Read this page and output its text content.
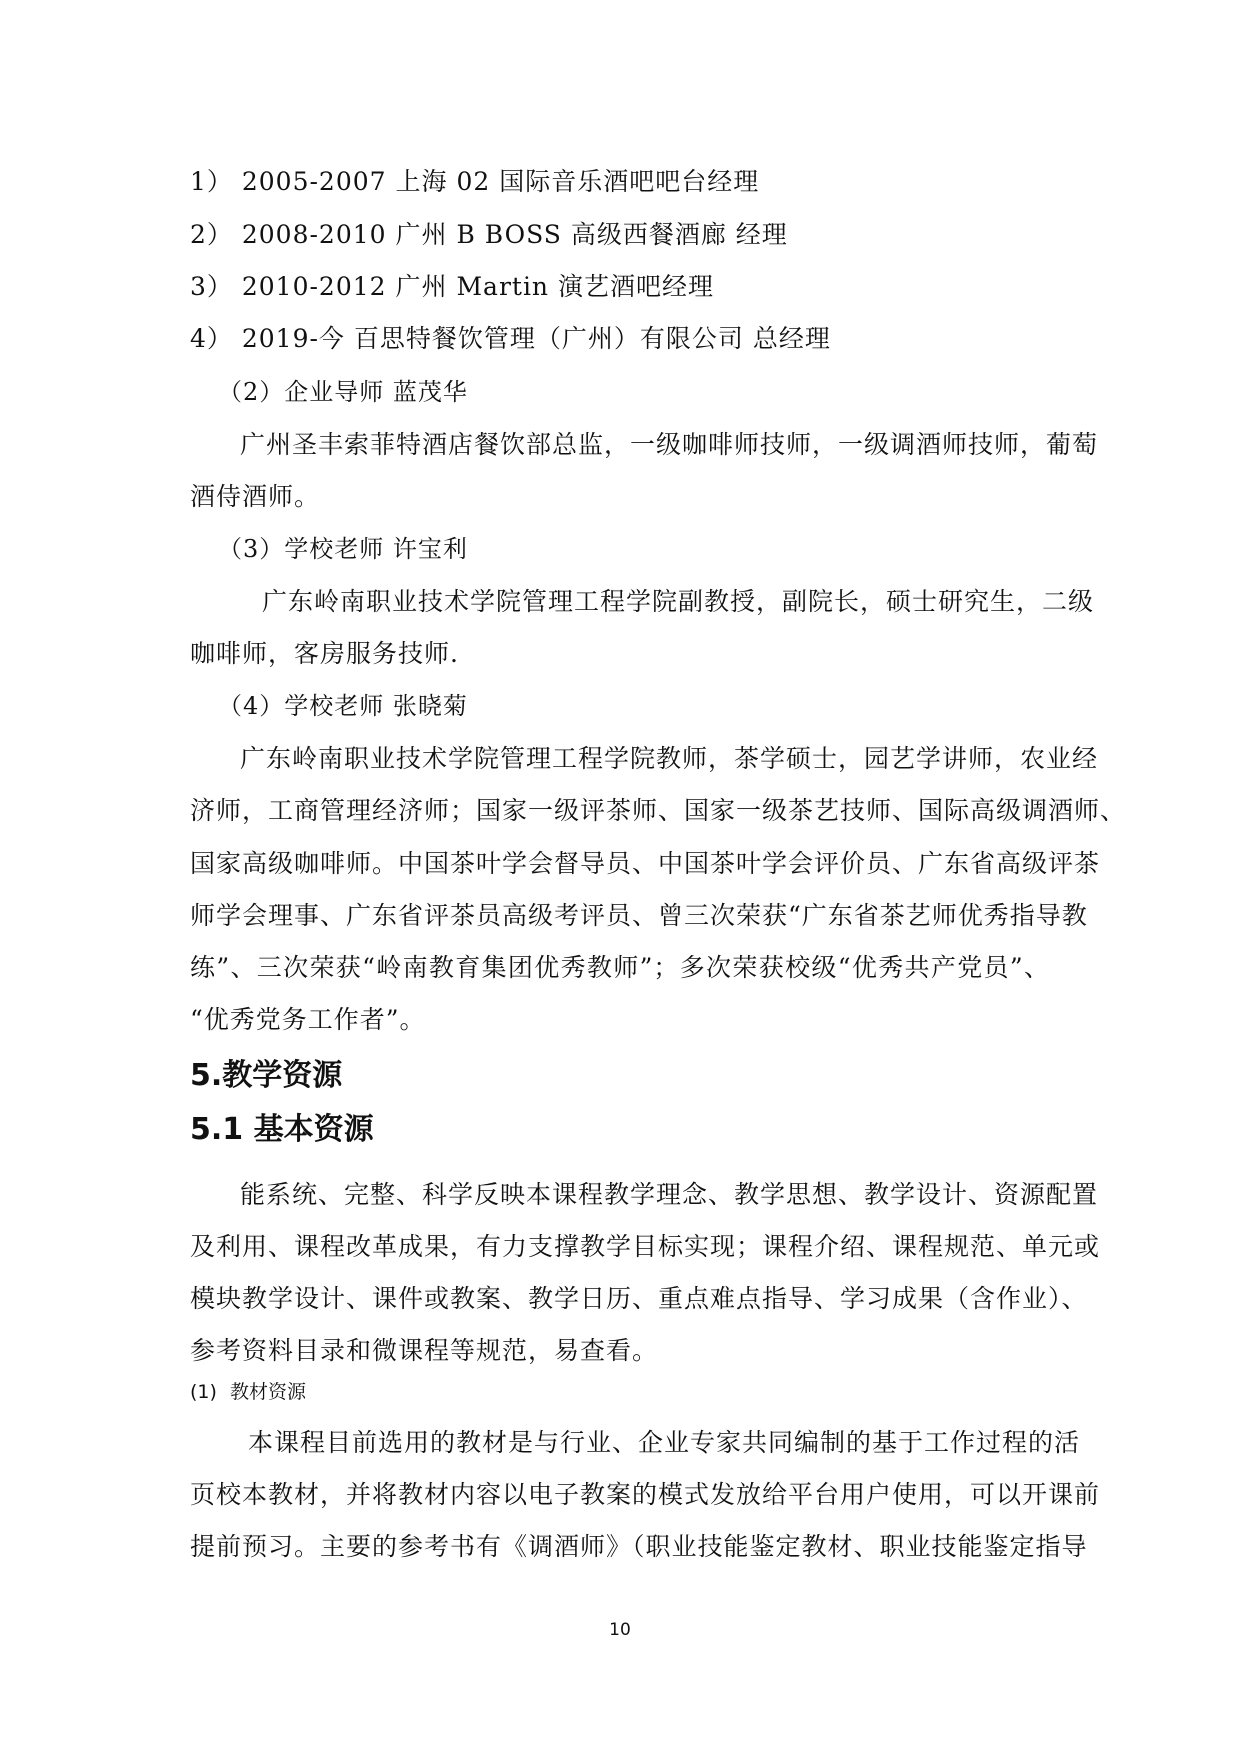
1） 2005-2007 上海 02 国际音乐酒吧吧台经理
2） 2008-2010 广州 B BOSS 高级西餐酒廊 经理
3） 2010-2012 广州 Martin 演艺酒吧经理
4） 2019-今 百思特餐饮管理（广州）有限公司 总经理
（2）企业导师 蓝茂华
广州圣丰索菲特酒店餐饮部总监，一级咖啡师技师，一级调酒师技师，葡萄
酒侍酒师。
（3）学校老师 许宝利
广东岭南职业技术学院管理工程学院副教授，副院长，硕士研究生，二级
咖啡师，客房服务技师.
（4）学校老师 张晓菊
广东岭南职业技术学院管理工程学院教师，茶学硕士，园艺学讲师，农业经
济师，工商管理经济师；国家一级评茶师、国家一级茶艺技师、国际高级调酒师、
国家高级咖啡师。中国茶叶学会督导员、中国茶叶学会评价员、广东省高级评茶
师学会理事、广东省评茶员高级考评员、曾三次荣获“广东省茶艺师优秀指导教
练”、三次荣获“岭南教育集团优秀教师”；多次荣获校级“优秀共产党员”、
“优秀党务工作者”。
5.教学资源
5.1 基本资源
能系统、完整、科学反映本课程教学理念、教学思想、教学设计、资源配置
及利用、课程改革成果，有力支撑教学目标实现；课程介绍、课程规范、单元或
模块教学设计、课件或教案、教学日历、重点难点指导、学习成果（含作业）、
参考资料目录和微课程等规范，易查看。
(1) 教材资源
本课程目前选用的教材是与行业、企业专家共同编制的基于工作过程的活
页校本教材，并将教材内容以电子教案的模式发放给平台用户使用，可以开课前
提前预习。主要的参考书有《调酒师》（职业技能鉴定教材、职业技能鉴定指导
10
